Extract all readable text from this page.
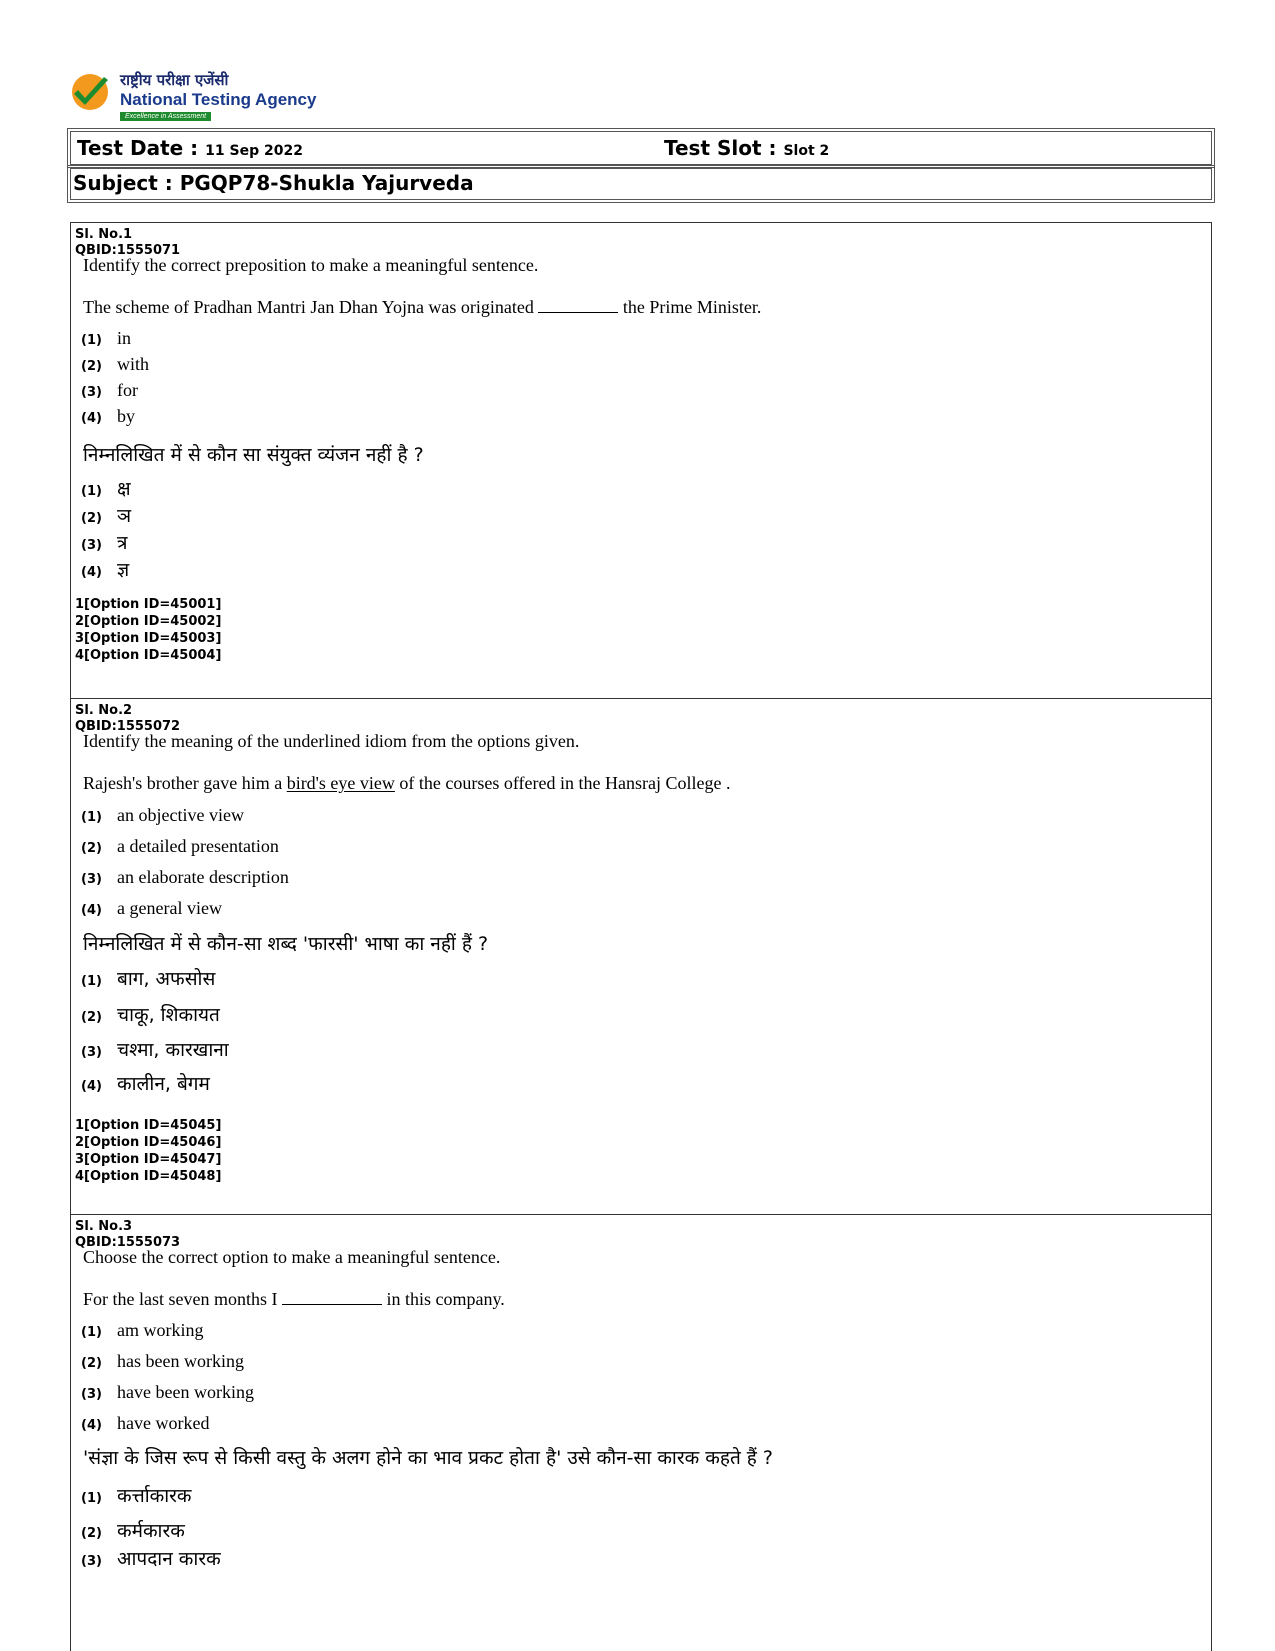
राष्ट्रीय परीक्षा एजेंसी
National Testing Agency
Excellence in Assessment
Test Date : 11 Sep 2022	Test Slot : Slot 2
Subject : PGQP78-Shukla Yajurveda
Sl. No.1
QBID:1555071
Identify the correct preposition to make a meaningful sentence.
The scheme of Pradhan Mantri Jan Dhan Yojna was originated	the Prime Minister.
(1) in
(2) with
(3) for
(4) by
निम्नलिखित में से कौन सा संयुक्त व्यंजन नहीं है ?
(1) क्ष
(2) ञ
(3) त्र
(4) ज्ञ
1[Option ID=45001]
2[Option ID=45002]
3[Option ID=45003]
4[Option ID=45004]
Sl. No.2
QBID:1555072
Identify the meaning of the underlined idiom from the options given.
Rajesh's brother gave him a bird's eye view of the courses offered in the Hansraj College .
(1) an objective view
(2) a detailed presentation
(3) an elaborate description
(4) a general view
निम्नलिखित में से कौन-सा शब्द 'फारसी' भाषा का नहीं हैं ?
(1) बाग, अफसोस
(2) चाकू, शिकायत
(3) चश्मा, कारखाना
(4) कालीन, बेगम
1[Option ID=45045]
2[Option ID=45046]
3[Option ID=45047]
4[Option ID=45048]
Sl. No.3
QBID:1555073
Choose the correct option to make a meaningful sentence.
For the last seven months I	in this company.
(1) am working
(2) has been working
(3) have been working
(4) have worked
'संज्ञा के जिस रूप से किसी वस्तु के अलग होने का भाव प्रकट होता है' उसे कौन-सा कारक कहते हैं ?
(1) कर्त्ताकारक
(2) कर्मकारक
(3) आपदान कारक
